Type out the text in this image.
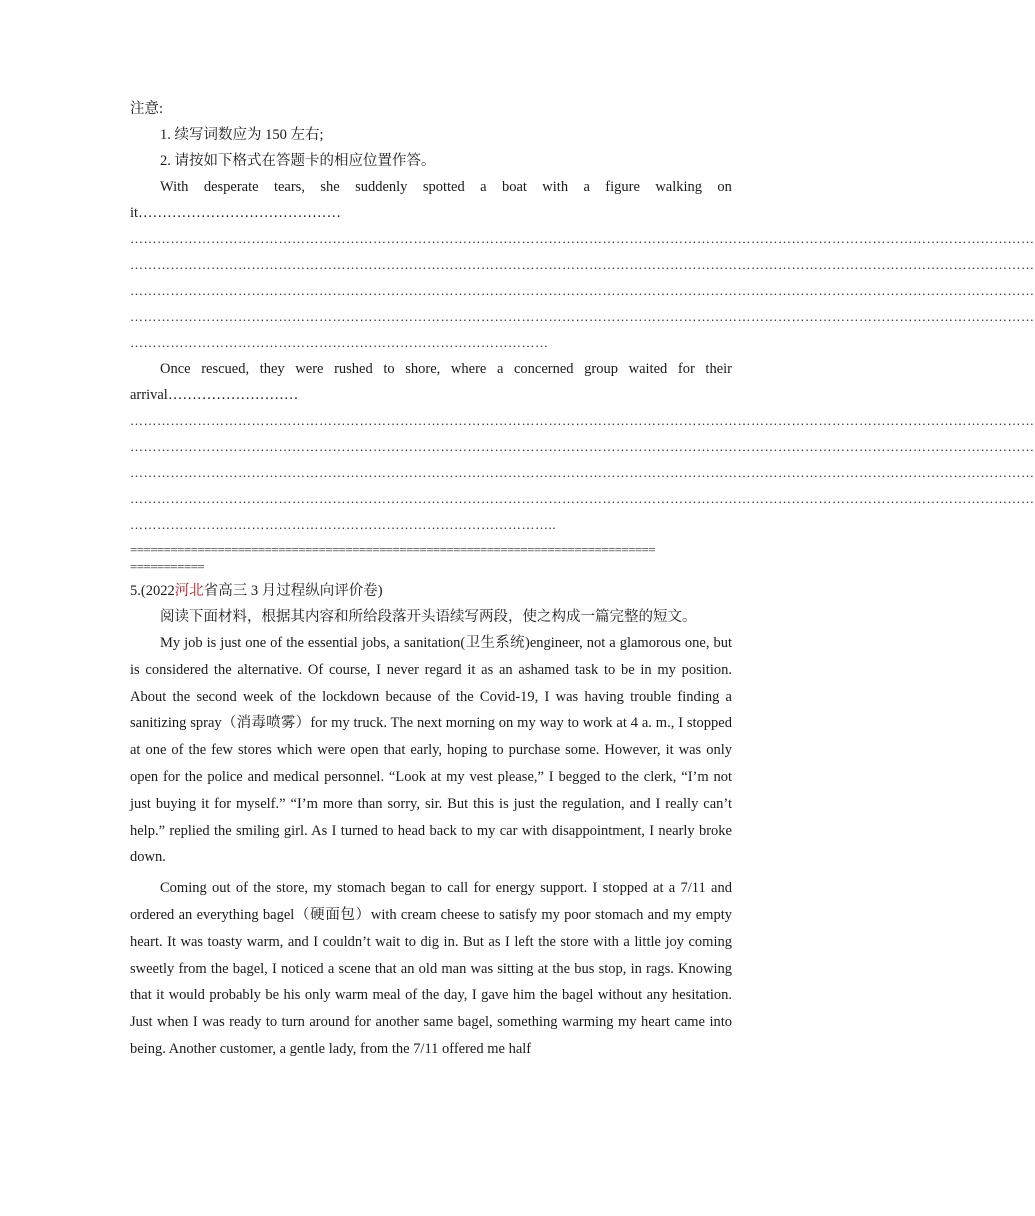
注意:
1. 续写词数应为 150 左右;
2. 请按如下格式在答题卡的相应位置作答。
With desperate tears, she suddenly spotted a boat with a figure walking on
it……………………………………
…………………………………………………………………………………………………………………………………………………………………………………
…………………………………………………………………………………………………………………………………………………………………………………
…………………………………………………………………………………………………………………………………………………………………………………
…………………………………………………………………………………………………………………………………………………………………………………
…………………………………………………………………………………
Once rescued, they were rushed to shore, where a concerned group waited for their
arrival………………………
…………………………………………………………………………………………………………………………………………………………………………………
…………………………………………………………………………………………………………………………………………………………………………………
…………………………………………………………………………………………………………………………………………………………………………………
…………………………………………………………………………………………………………………………………………………………………………………
…………………………………………………………………………………..
==============================================================================
===========
5.(2022河北省高三 3 月过程纵向评价卷)
阅读下面材料，根据其内容和所给段落开头语续写两段，使之构成一篇完整的短文。

My job is just one of the essential jobs, a sanitation(卫生系统)engineer, not a glamorous one, but is considered the alternative. Of course, I never regard it as an ashamed task to be in my position. About the second week of the lockdown because of the Covid-19, I was having trouble finding a sanitizing spray（消毒喷雾）for my truck. The next morning on my way to work at 4 a. m., I stopped at one of the few stores which were open that early, hoping to purchase some. However, it was only open for the police and medical personnel. “Look at my vest please,” I begged to the clerk, “I’m not just buying it for myself.” “I’m more than sorry, sir. But this is just the regulation, and I really can’t help.” replied the smiling girl. As I turned to head back to my car with disappointment, I nearly broke down.

Coming out of the store, my stomach began to call for energy support. I stopped at a 7/11 and ordered an everything bagel（硬面包）with cream cheese to satisfy my poor stomach and my empty heart. It was toasty warm, and I couldn’t wait to dig in. But as I left the store with a little joy coming sweetly from the bagel, I noticed a scene that an old man was sitting at the bus stop, in rags. Knowing that it would probably be his only warm meal of the day, I gave him the bagel without any hesitation. Just when I was ready to turn around for another same bagel, something warming my heart came into being. Another customer, a gentle lady, from the 7/11 offered me half
